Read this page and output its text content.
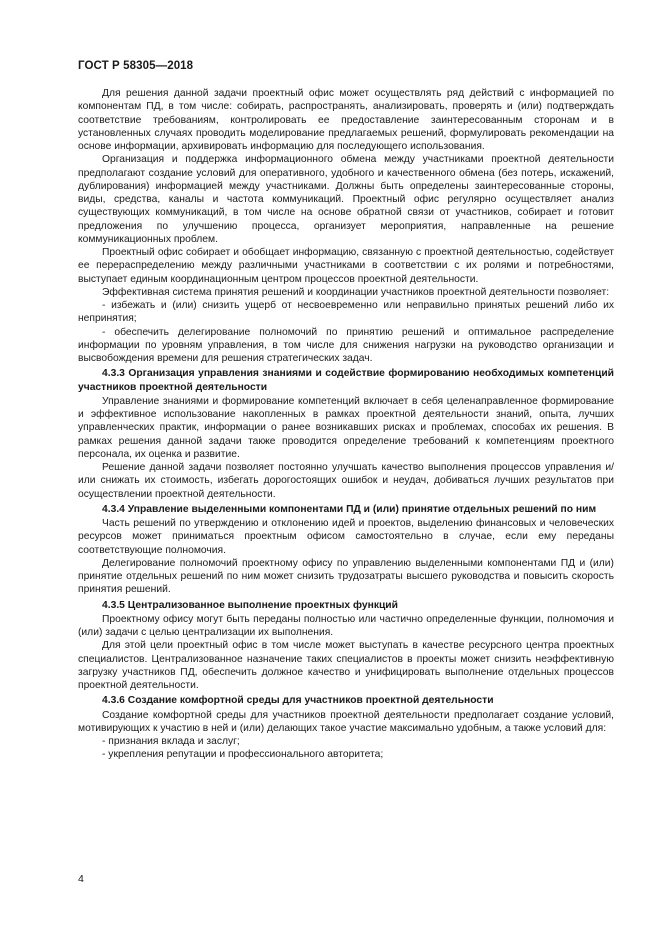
ГОСТ Р 58305—2018

Для решения данной задачи проектный офис может осуществлять ряд действий с информацией по компонентам ПД, в том числе: собирать, распространять, анализировать, проверять и (или) подтверждать соответствие требованиям, контролировать ее предоставление заинтересованным сторонам и в установленных случаях проводить моделирование предлагаемых решений, формулировать рекомендации на основе информации, архивировать информацию для последующего использования.

Организация и поддержка информационного обмена между участниками проектной деятельности предполагают создание условий для оперативного, удобного и качественного обмена (без потерь, искажений, дублирования) информацией между участниками. Должны быть определены заинтересованные стороны, виды, средства, каналы и частота коммуникаций. Проектный офис регулярно осуществляет анализ существующих коммуникаций, в том числе на основе обратной связи от участников, собирает и готовит предложения по улучшению процесса, организует мероприятия, направленные на решение коммуникационных проблем.

Проектный офис собирает и обобщает информацию, связанную с проектной деятельностью, содействует ее перераспределению между различными участниками в соответствии с их ролями и потребностями, выступает единым координационным центром процессов проектной деятельности.

Эффективная система принятия решений и координации участников проектной деятельности позволяет:

- избежать и (или) снизить ущерб от несвоевременно или неправильно принятых решений либо их непринятия;

- обеспечить делегирование полномочий по принятию решений и оптимальное распределение информации по уровням управления, в том числе для снижения нагрузки на руководство организации и высвобождения времени для решения стратегических задач.

4.3.3 Организация управления знаниями и содействие формированию необходимых компетенций участников проектной деятельности

Управление знаниями и формирование компетенций включает в себя целенаправленное формирование и эффективное использование накопленных в рамках проектной деятельности знаний, опыта, лучших управленческих практик, информации о ранее возникавших рисках и проблемах, способах их решения. В рамках решения данной задачи также проводится определение требований к компетенциям проектного персонала, их оценка и развитие.

Решение данной задачи позволяет постоянно улучшать качество выполнения процессов управления и/или снижать их стоимость, избегать дорогостоящих ошибок и неудач, добиваться лучших результатов при осуществлении проектной деятельности.

4.3.4 Управление выделенными компонентами ПД и (или) принятие отдельных решений по ним

Часть решений по утверждению и отклонению идей и проектов, выделению финансовых и человеческих ресурсов может приниматься проектным офисом самостоятельно в случае, если ему переданы соответствующие полномочия.

Делегирование полномочий проектному офису по управлению выделенными компонентами ПД и (или) принятие отдельных решений по ним может снизить трудозатраты высшего руководства и повысить скорость принятия решений.

4.3.5 Централизованное выполнение проектных функций

Проектному офису могут быть переданы полностью или частично определенные функции, полномочия и (или) задачи с целью централизации их выполнения.

Для этой цели проектный офис в том числе может выступать в качестве ресурсного центра проектных специалистов. Централизованное назначение таких специалистов в проекты может снизить неэффективную загрузку участников ПД, обеспечить должное качество и унифицировать выполнение отдельных процессов проектной деятельности.

4.3.6 Создание комфортной среды для участников проектной деятельности

Создание комфортной среды для участников проектной деятельности предполагает создание условий, мотивирующих к участию в ней и (или) делающих такое участие максимально удобным, а также условий для:

- признания вклада и заслуг;

- укрепления репутации и профессионального авторитета;

4
